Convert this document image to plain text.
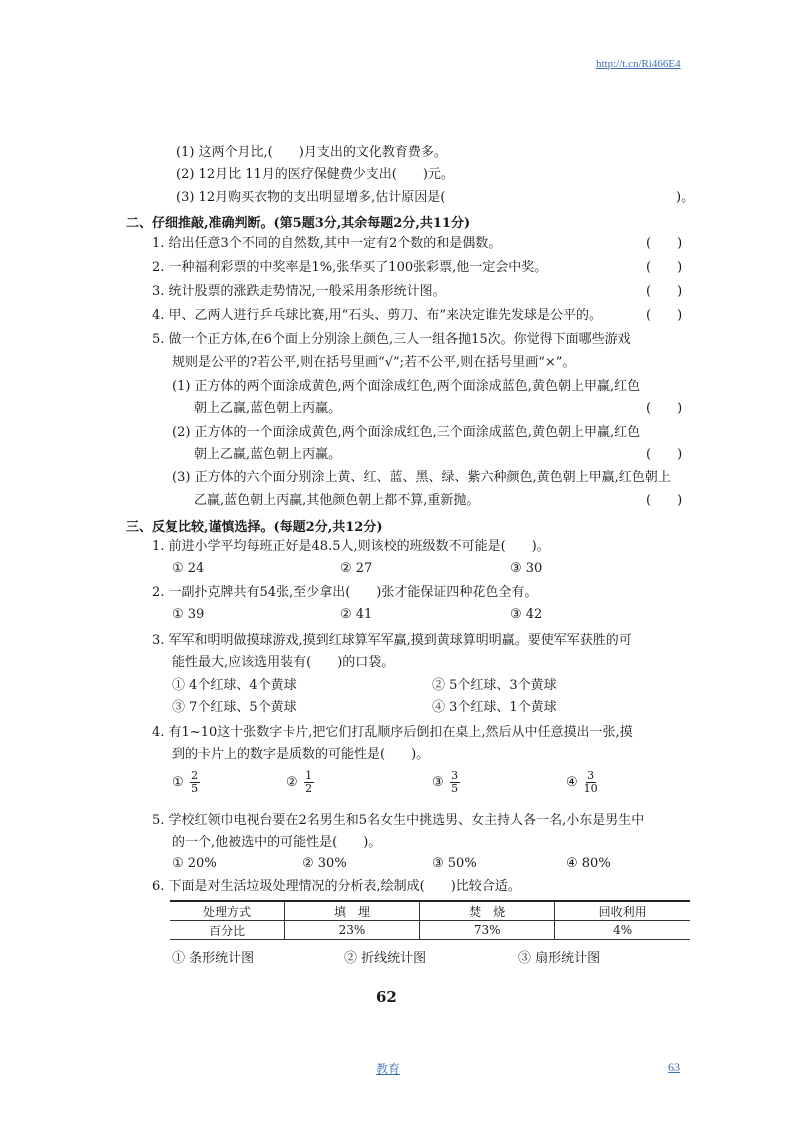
http://t.cn/Ri466E4
(1) 这两个月比,(　　)月支出的文化教育费多。
(2) 12月比 11月的医疗保健费少支出(　　)元。
(3) 12月购买衣物的支出明显增多,估计原因是(	)。
二、仔细推敲,准确判断。(第5题3分,其余每题2分,共11分)
1. 给出任意3个不同的自然数,其中一定有2个数的和是偶数。	(　　)
2. 一种福利彩票的中奖率是1%,张华买了100张彩票,他一定会中奖。	(　　)
3. 统计股票的涨跌走势情况,一般采用条形统计图。	(　　)
4. 甲、乙两人进行乒乓球比赛,用“石头、剪刀、布”来决定谁先发球是公平的。	(　　)
5. 做一个正方体,在6个面上分别涂上颜色,三人一组各抛15次。你觉得下面哪些游戏
规则是公平的?若公平,则在括号里画“√”;若不公平,则在括号里画“×”。
(1) 正方体的两个面涂成黄色,两个面涂成红色,两个面涂成蓝色,黄色朝上甲赢,红色
朝上乙赢,蓝色朝上丙赢。	(　　)
(2) 正方体的一个面涂成黄色,两个面涂成红色,三个面涂成蓝色,黄色朝上甲赢,红色
朝上乙赢,蓝色朝上丙赢。	(　　)
(3) 正方体的六个面分别涂上黄、红、蓝、黑、绿、紫六种颜色,黄色朝上甲赢,红色朝上
乙赢,蓝色朝上丙赢,其他颜色朝上都不算,重新抛。	(　　)
三、反复比较,谨慎选择。(每题2分,共12分)
1. 前进小学平均每班正好是48.5人,则该校的班级数不可能是(　　)。
① 24	② 27	③ 30
2. 一副扑克牌共有54张,至少拿出(　　)张才能保证四种花色全有。
① 39	② 41	③ 42
3. 军军和明明做摸球游戏,摸到红球算军军赢,摸到黄球算明明赢。要使军军获胜的可
能性最大,应该选用装有(　　)的口袋。
① 4个红球、4个黄球	② 5个红球、3个黄球
③ 7个红球、5个黄球	④ 3个红球、1个黄球
4. 有1~10这十张数字卡片,把它们打乱顺序后倒扣在桌上,然后从中任意摸出一张,摸
到的卡片上的数字是质数的可能性是(　　)。
① $\frac{2}{5}$	② $\frac{1}{2}$	③ $\frac{3}{5}$	④ $\frac{3}{10}$
5. 学校红领巾电视台要在2名男生和5名女生中挑选男、女主持人各一名,小东是男生中
的一个,他被选中的可能性是(　　)。
① 20%	② 30%	③ 50%	④ 80%
6. 下面是对生活垃圾处理情况的分析表,绘制成(　　)比较合适。
处理方式	填　埋	焚　烧	回收利用
百分比	23%	73%	4%
① 条形统计图	② 折线统计图	③ 扇形统计图
62
教育	63
